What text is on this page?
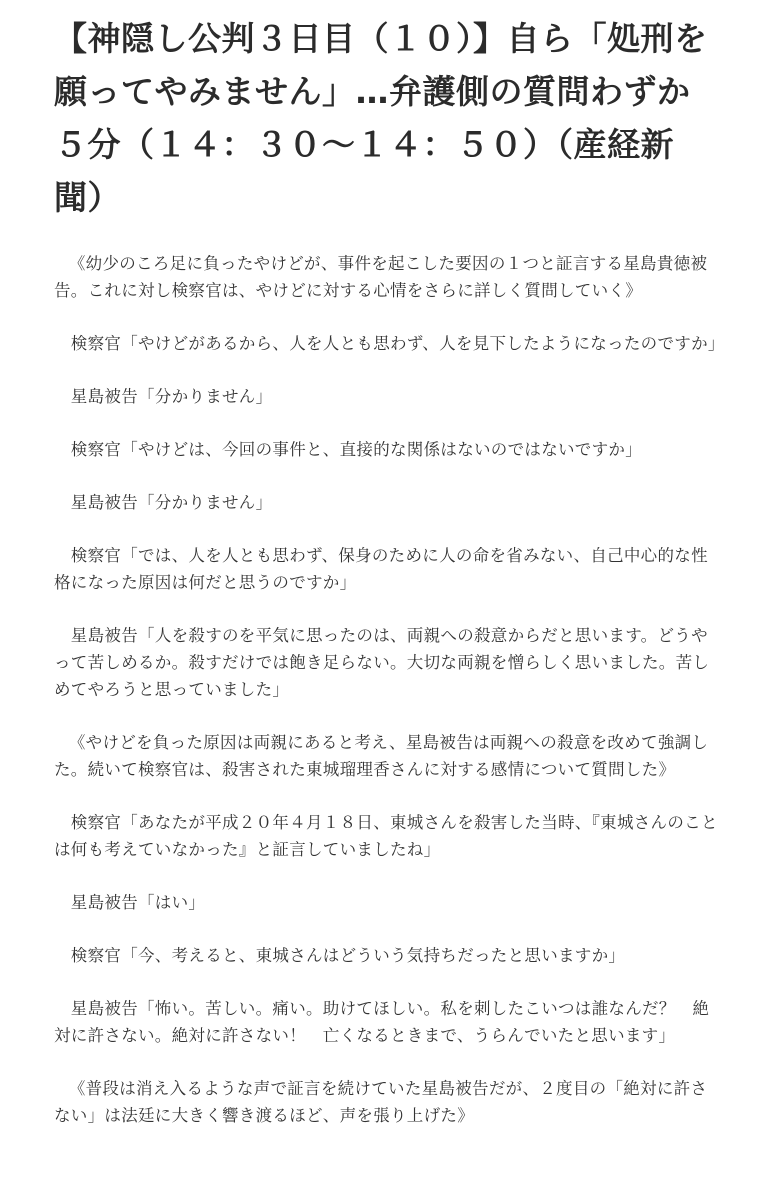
【神隠し公判３日目（１０）】自ら「処刑を願ってやみません」…弁護側の質問わずか５分（１４：３０～１４：５０）（産経新聞）

《幼少のころ足に負ったやけどが、事件を起こした要因の１つと証言する星島貴徳被告。これに対し検察官は、やけどに対する心情をさらに詳しく質問していく》

　検察官「やけどがあるから、人を人とも思わず、人を見下したようになったのですか」

　星島被告「分かりません」

　検察官「やけどは、今回の事件と、直接的な関係はないのではないですか」

　星島被告「分かりません」

　検察官「では、人を人とも思わず、保身のために人の命を省みない、自己中心的な性格になった原因は何だと思うのですか」

　星島被告「人を殺すのを平気に思ったのは、両親への殺意からだと思います。どうやって苦しめるか。殺すだけでは飽き足らない。大切な両親を憎らしく思いました。苦しめてやろうと思っていました」

《やけどを負った原因は両親にあると考え、星島被告は両親への殺意を改めて強調した。続いて検察官は、殺害された東城瑠理香さんに対する感情について質問した》

　検察官「あなたが平成２０年４月１８日、東城さんを殺害した当時、『東城さんのことは何も考えていなかった』と証言していましたね」

　星島被告「はい」

　検察官「今、考えると、東城さんはどういう気持ちだったと思いますか」

　星島被告「怖い。苦しい。痛い。助けてほしい。私を刺したこいつは誰なんだ？　絶対に許さない。絶対に許さない！　亡くなるときまで、うらんでいたと思います」

《普段は消え入るような声で証言を続けていた星島被告だが、２度目の「絶対に許さない」は法廷に大きく響き渡るほど、声を張り上げた》
